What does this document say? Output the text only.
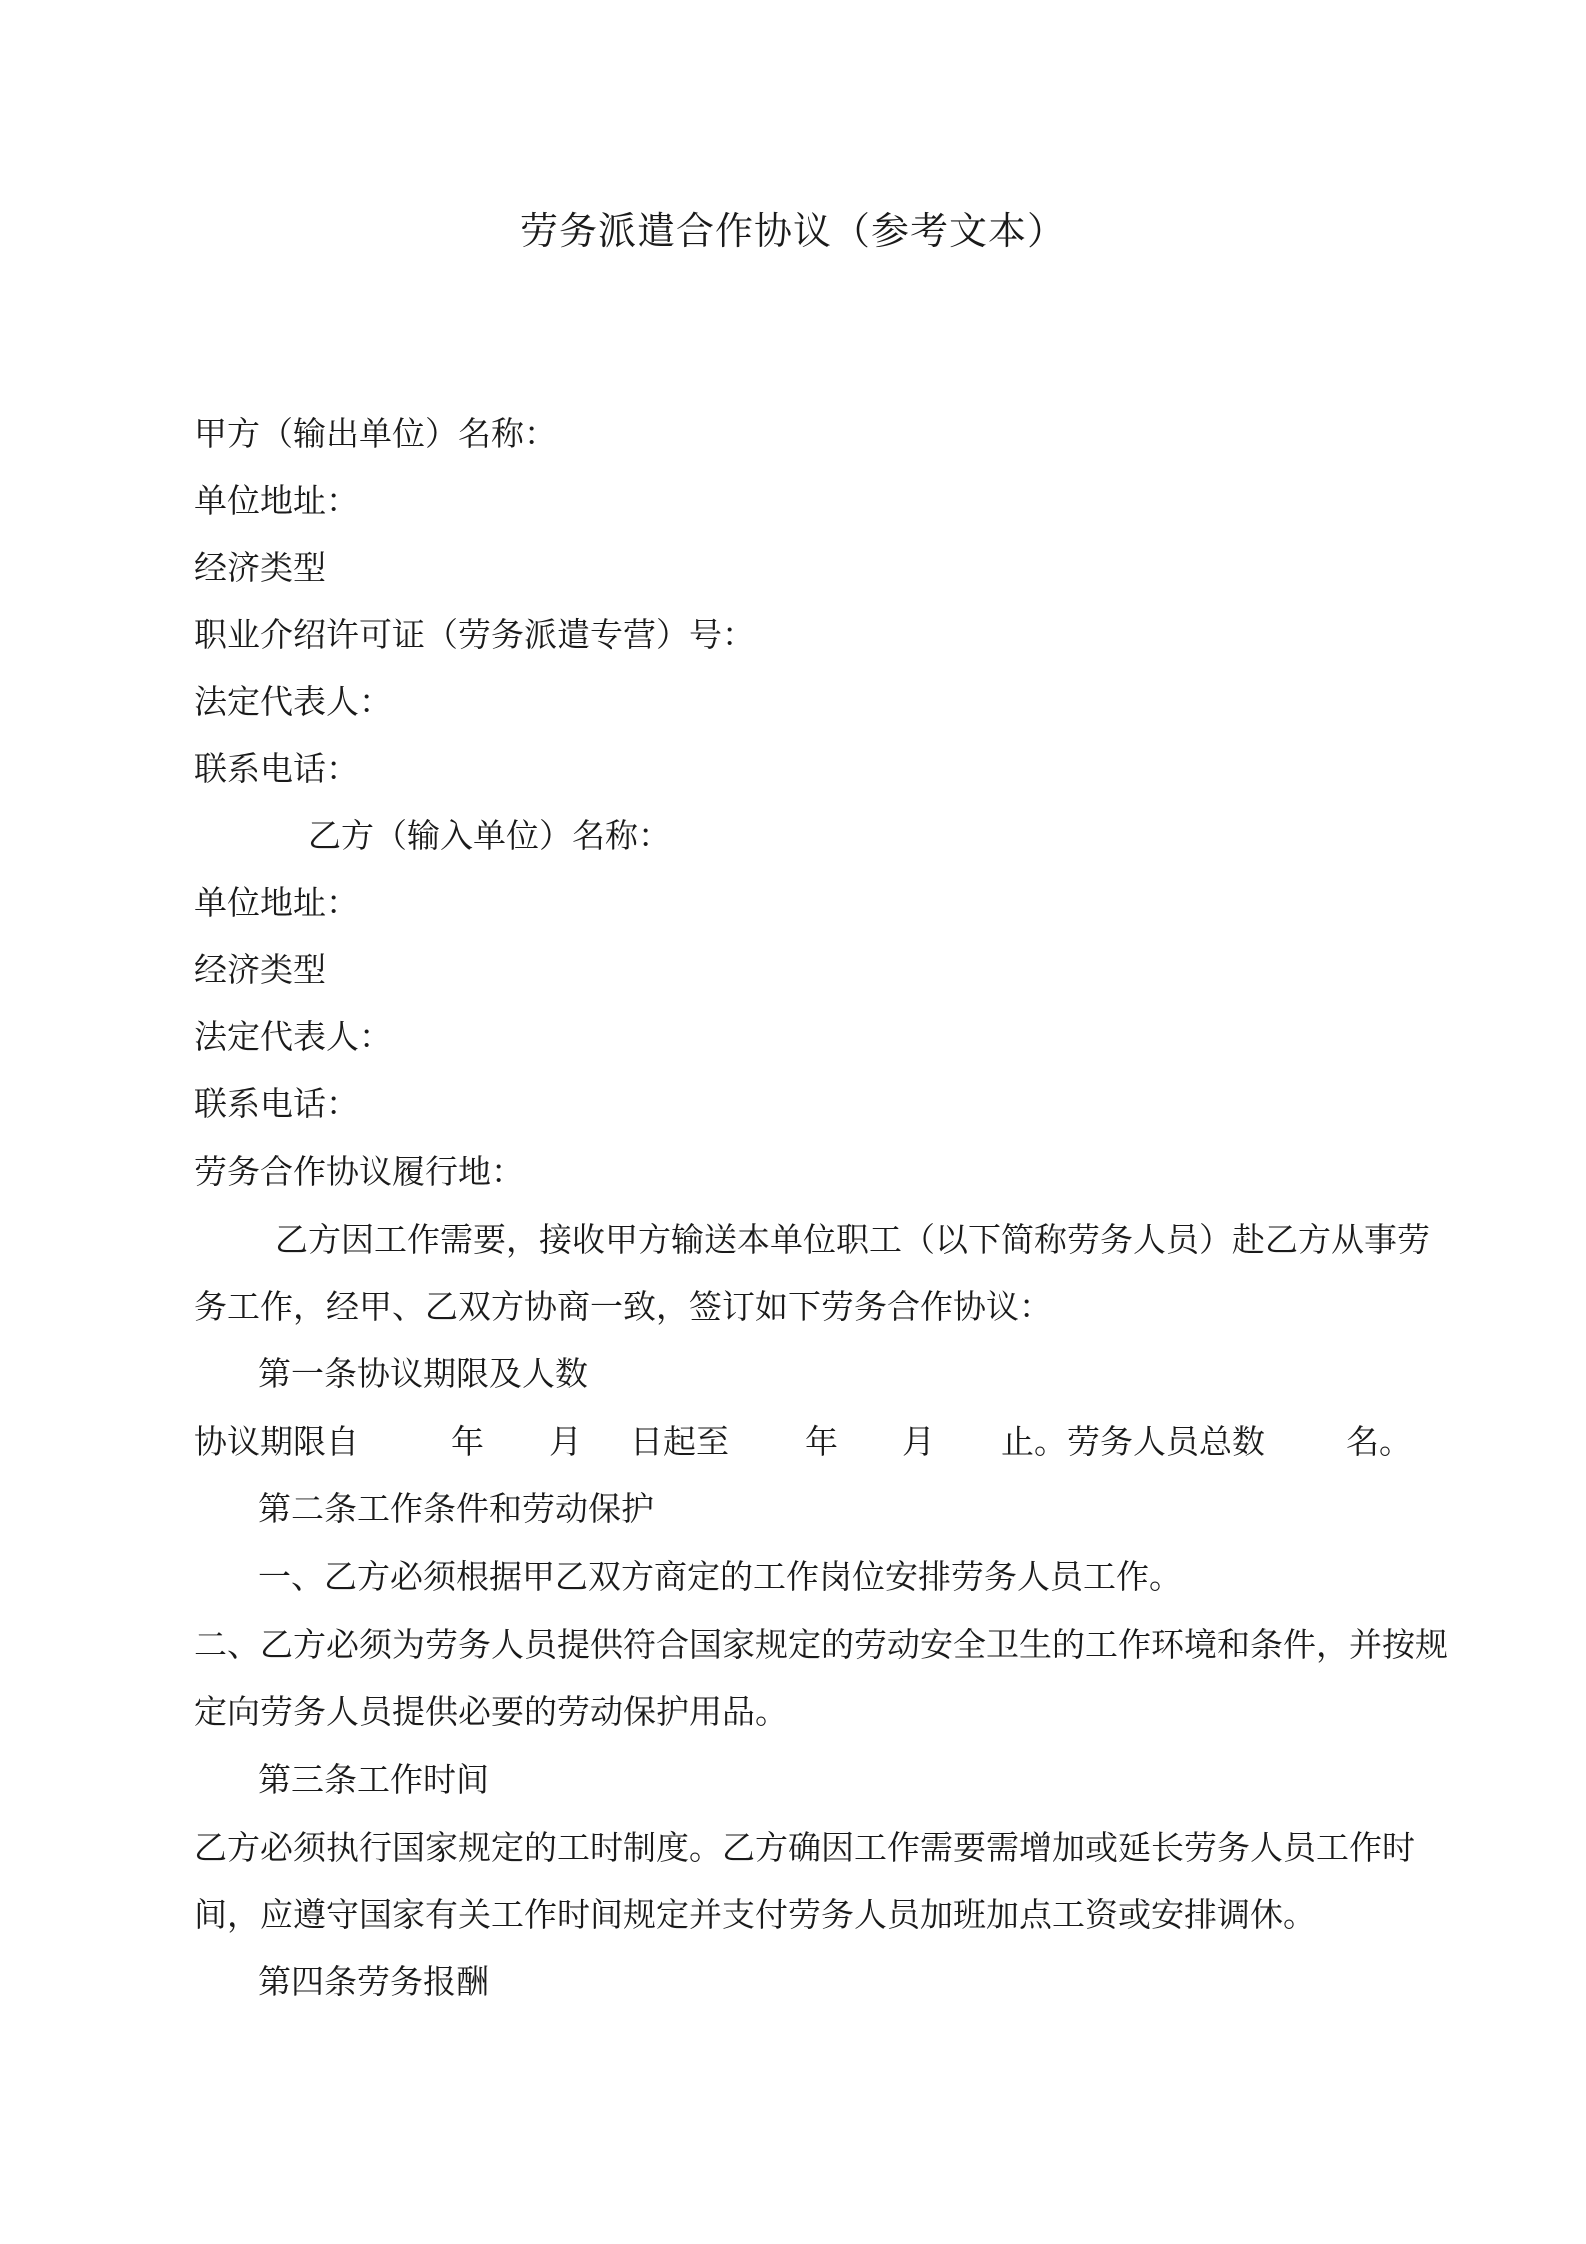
劳务派遣合作协议（参考文本）
甲方（输出单位）名称：
单位地址：
经济类型
职业介绍许可证（劳务派遣专营）号：
法定代表人：
联系电话：
乙方（输入单位）名称：
单位地址：
经济类型
法定代表人：
联系电话：
劳务合作协议履行地：
乙方因工作需要，接收甲方输送本单位职工（以下简称劳务人员）赴乙方从事劳
务工作，经甲、乙双方协商一致，签订如下劳务合作协议：
第一条协议期限及人数
协议期限自	年 月 日起至 年 月 止。劳务人员总数 名。
第二条工作条件和劳动保护
一、乙方必须根据甲乙双方商定的工作岗位安排劳务人员工作。
二、乙方必须为劳务人员提供符合国家规定的劳动安全卫生的工作环境和条件，并按规
定向劳务人员提供必要的劳动保护用品。
第三条工作时间
乙方必须执行国家规定的工时制度。乙方确因工作需要需增加或延长劳务人员工作时
间，应遵守国家有关工作时间规定并支付劳务人员加班加点工资或安排调休。
第四条劳务报酬
